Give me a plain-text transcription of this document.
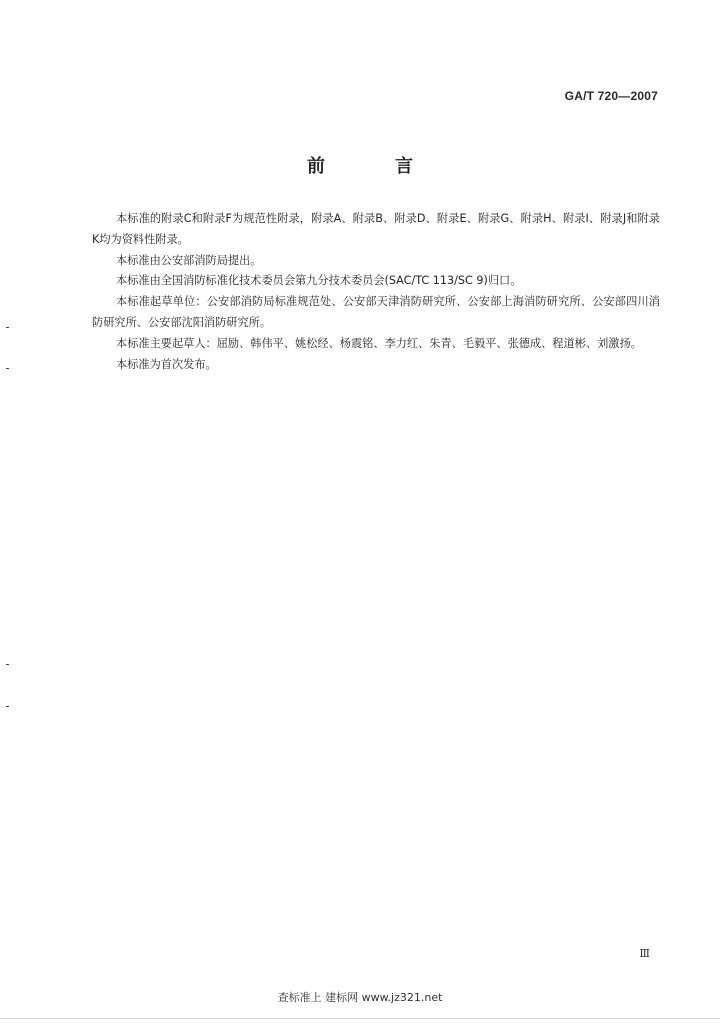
GA/T 720—2007
前　言

本标准的附录C和附录F为规范性附录，附录A、附录B、附录D、附录E、附录G、附录H、附录I、附录J和附录K均为资料性附录。

本标准由公安部消防局提出。

本标准由全国消防标准化技术委员会第九分技术委员会(SAC/TC 113/SC 9)归口。

本标准起草单位：公安部消防局标准规范处、公安部天津消防研究所、公安部上海消防研究所、公安部四川消防研究所、公安部沈阳消防研究所。

本标准主要起草人：屈励、韩伟平、姚松经、杨震铭、李力红、朱青、毛毅平、张德成、程道彬、刘激扬。

本标准为首次发布。

Ⅲ
查标准上 建标网 www.jz321.net
